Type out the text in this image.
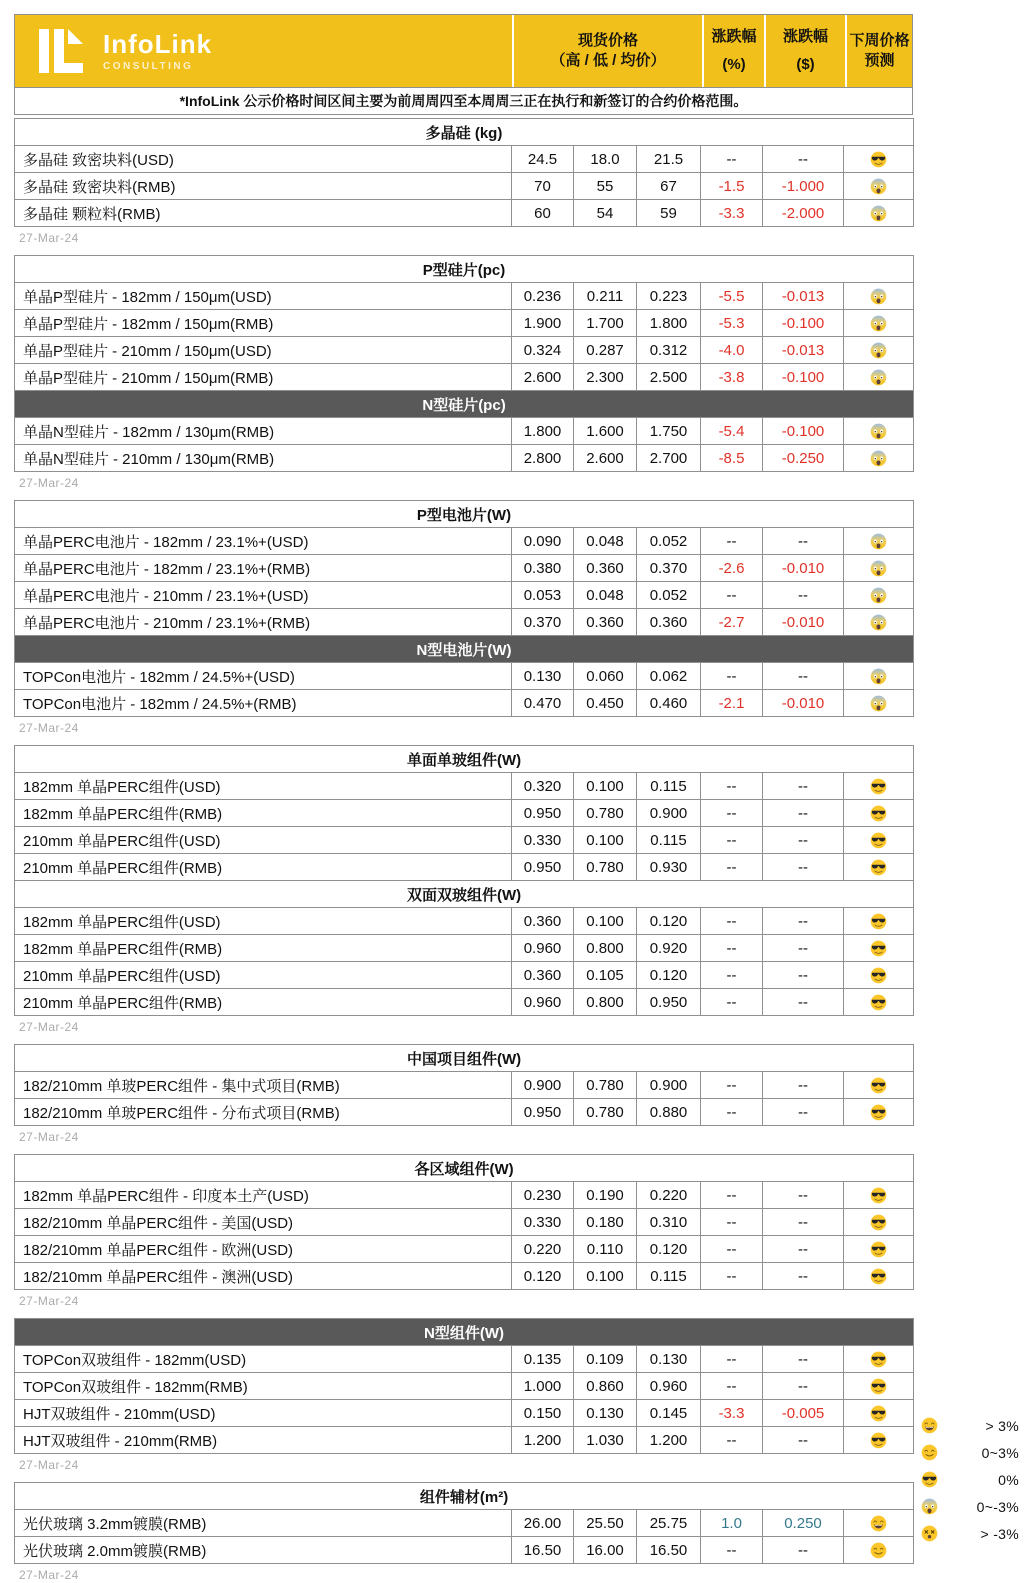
InfoLink
CONSULTING
现货价格
（高 / 低 / 均价）
涨跌幅
(%)
涨跌幅
($)
下周价格
预测
*InfoLink 公示价格时间区间主要为前周周四至本周周三正在执行和新签订的合约价格范围。
多晶硅 (kg)						
多晶硅 致密块料(USD)	24.5	18.0	21.5	--	--	
多晶硅 致密块料(RMB)	70	55	67	-1.5	-1.000	
多晶硅 颗粒料(RMB)	60	54	59	-3.3	-2.000	
27-Mar-24
P型硅片(pc)						
单晶P型硅片 - 182mm / 150μm(USD)	0.236	0.211	0.223	-5.5	-0.013	
单晶P型硅片 - 182mm / 150μm(RMB)	1.900	1.700	1.800	-5.3	-0.100	
单晶P型硅片 - 210mm / 150μm(USD)	0.324	0.287	0.312	-4.0	-0.013	
单晶P型硅片 - 210mm / 150μm(RMB)	2.600	2.300	2.500	-3.8	-0.100	
N型硅片(pc)						
单晶N型硅片 - 182mm / 130μm(RMB)	1.800	1.600	1.750	-5.4	-0.100	
单晶N型硅片 - 210mm / 130μm(RMB)	2.800	2.600	2.700	-8.5	-0.250	
27-Mar-24
P型电池片(W)						
单晶PERC电池片 - 182mm / 23.1%+(USD)	0.090	0.048	0.052	--	--	
单晶PERC电池片 - 182mm / 23.1%+(RMB)	0.380	0.360	0.370	-2.6	-0.010	
单晶PERC电池片 - 210mm / 23.1%+(USD)	0.053	0.048	0.052	--	--	
单晶PERC电池片 - 210mm / 23.1%+(RMB)	0.370	0.360	0.360	-2.7	-0.010	
N型电池片(W)						
TOPCon电池片 - 182mm / 24.5%+(USD)	0.130	0.060	0.062	--	--	
TOPCon电池片 - 182mm / 24.5%+(RMB)	0.470	0.450	0.460	-2.1	-0.010	
27-Mar-24
单面单玻组件(W)						
182mm 单晶PERC组件(USD)	0.320	0.100	0.115	--	--	
182mm 单晶PERC组件(RMB)	0.950	0.780	0.900	--	--	
210mm 单晶PERC组件(USD)	0.330	0.100	0.115	--	--	
210mm 单晶PERC组件(RMB)	0.950	0.780	0.930	--	--	
双面双玻组件(W)						
182mm 单晶PERC组件(USD)	0.360	0.100	0.120	--	--	
182mm 单晶PERC组件(RMB)	0.960	0.800	0.920	--	--	
210mm 单晶PERC组件(USD)	0.360	0.105	0.120	--	--	
210mm 单晶PERC组件(RMB)	0.960	0.800	0.950	--	--	
27-Mar-24
中国项目组件(W)						
182/210mm 单玻PERC组件 - 集中式项目(RMB)	0.900	0.780	0.900	--	--	
182/210mm 单玻PERC组件 - 分布式项目(RMB)	0.950	0.780	0.880	--	--	
27-Mar-24
各区域组件(W)						
182mm 单晶PERC组件 - 印度本土产(USD)	0.230	0.190	0.220	--	--	
182/210mm 单晶PERC组件 - 美国(USD)	0.330	0.180	0.310	--	--	
182/210mm 单晶PERC组件 - 欧洲(USD)	0.220	0.110	0.120	--	--	
182/210mm 单晶PERC组件 - 澳洲(USD)	0.120	0.100	0.115	--	--	
27-Mar-24
N型组件(W)						
TOPCon双玻组件 - 182mm(USD)	0.135	0.109	0.130	--	--	
TOPCon双玻组件 - 182mm(RMB)	1.000	0.860	0.960	--	--	
HJT双玻组件 - 210mm(USD)	0.150	0.130	0.145	-3.3	-0.005	
HJT双玻组件 - 210mm(RMB)	1.200	1.030	1.200	--	--	
27-Mar-24
组件辅材(m²)						
光伏玻璃 3.2mm镀膜(RMB)	26.00	25.50	25.75	1.0	0.250	
光伏玻璃 2.0mm镀膜(RMB)	16.50	16.00	16.50	--	--	
27-Mar-24
> 3%
0~3%
0%
0~-3%
> -3%
